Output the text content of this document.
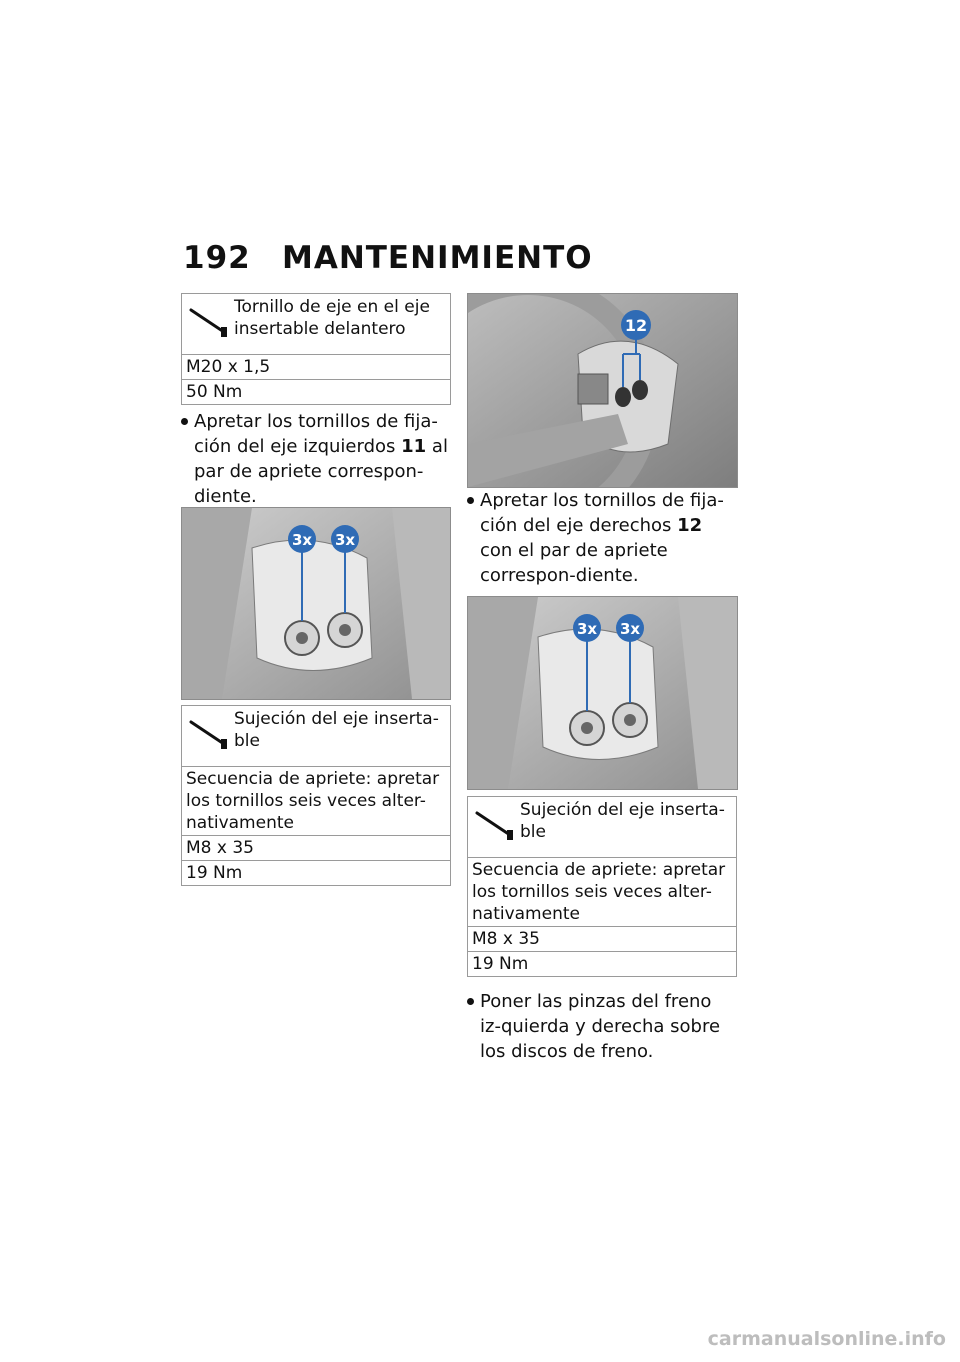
192 MANTENIMIENTO
Tornillo de eje en el eje insertable delantero
M20 x 1,5
50 Nm
Apretar los tornillos de fija-ción del eje izquierdos 11 al par de apriete correspon-diente.
3x 3x
Sujeción del eje inserta-ble
Secuencia de apriete: apretar los tornillos seis veces alter-nativamente
M8 x 35
19 Nm
12
Apretar los tornillos de fija-ción del eje derechos 12 con el par de apriete correspon-diente.
3x 3x
Sujeción del eje inserta-ble
Secuencia de apriete: apretar los tornillos seis veces alter-nativamente
M8 x 35
19 Nm
Poner las pinzas del freno iz-quierda y derecha sobre los discos de freno.
carmanualsonline.info
